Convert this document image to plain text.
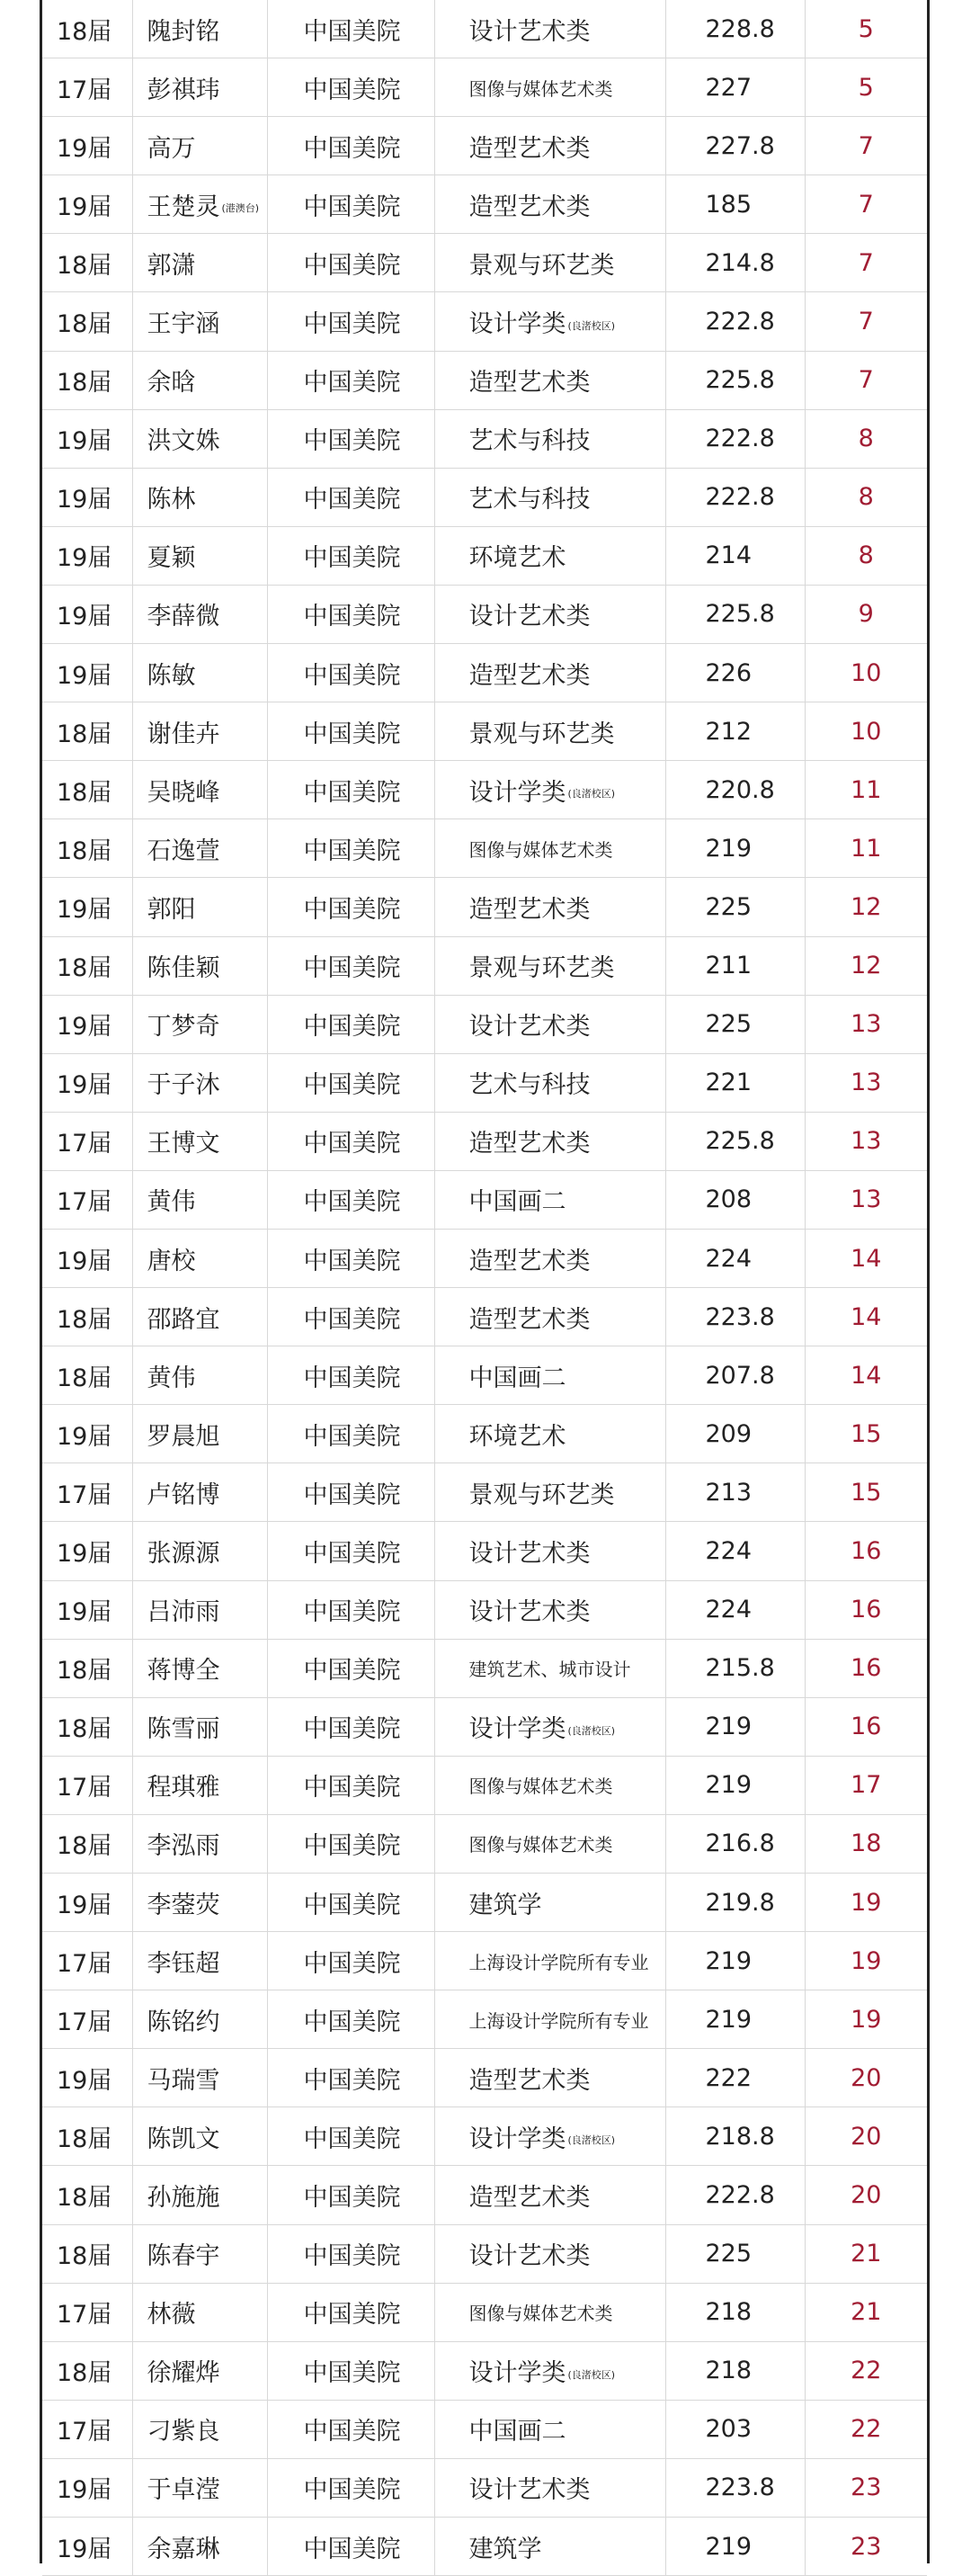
18届	隗封铭	中国美院	设计艺术类	228.8	5
17届	彭祺玮	中国美院	图像与媒体艺术类	227	5
19届	高万	中国美院	造型艺术类	227.8	7
19届	王楚灵 (港澳台)	中国美院	造型艺术类	185	7
18届	郭潇	中国美院	景观与环艺类	214.8	7
18届	王宇涵	中国美院	设计学类 (良渚校区)	222.8	7
18届	余晗	中国美院	造型艺术类	225.8	7
19届	洪文姝	中国美院	艺术与科技	222.8	8
19届	陈林	中国美院	艺术与科技	222.8	8
19届	夏颖	中国美院	环境艺术	214	8
19届	李薛微	中国美院	设计艺术类	225.8	9
19届	陈敏	中国美院	造型艺术类	226	10
18届	谢佳卉	中国美院	景观与环艺类	212	10
18届	吴晓峰	中国美院	设计学类 (良渚校区)	220.8	11
18届	石逸萱	中国美院	图像与媒体艺术类	219	11
19届	郭阳	中国美院	造型艺术类	225	12
18届	陈佳颖	中国美院	景观与环艺类	211	12
19届	丁梦奇	中国美院	设计艺术类	225	13
19届	于子沐	中国美院	艺术与科技	221	13
17届	王博文	中国美院	造型艺术类	225.8	13
17届	黄伟	中国美院	中国画二	208	13
19届	唐校	中国美院	造型艺术类	224	14
18届	邵路宜	中国美院	造型艺术类	223.8	14
18届	黄伟	中国美院	中国画二	207.8	14
19届	罗晨旭	中国美院	环境艺术	209	15
17届	卢铭博	中国美院	景观与环艺类	213	15
19届	张源源	中国美院	设计艺术类	224	16
19届	吕沛雨	中国美院	设计艺术类	224	16
18届	蒋博全	中国美院	建筑艺术、城市设计	215.8	16
18届	陈雪丽	中国美院	设计学类 (良渚校区)	219	16
17届	程琪雅	中国美院	图像与媒体艺术类	219	17
18届	李泓雨	中国美院	图像与媒体艺术类	216.8	18
19届	李蓥荧	中国美院	建筑学	219.8	19
17届	李钰超	中国美院	上海设计学院所有专业	219	19
17届	陈铭约	中国美院	上海设计学院所有专业	219	19
19届	马瑞雪	中国美院	造型艺术类	222	20
18届	陈凯文	中国美院	设计学类 (良渚校区)	218.8	20
18届	孙施施	中国美院	造型艺术类	222.8	20
18届	陈春宇	中国美院	设计艺术类	225	21
17届	林薇	中国美院	图像与媒体艺术类	218	21
18届	徐耀烨	中国美院	设计学类 (良渚校区)	218	22
17届	刁紫良	中国美院	中国画二	203	22
19届	于卓滢	中国美院	设计艺术类	223.8	23
19届	余嘉琳	中国美院	建筑学	219	23
